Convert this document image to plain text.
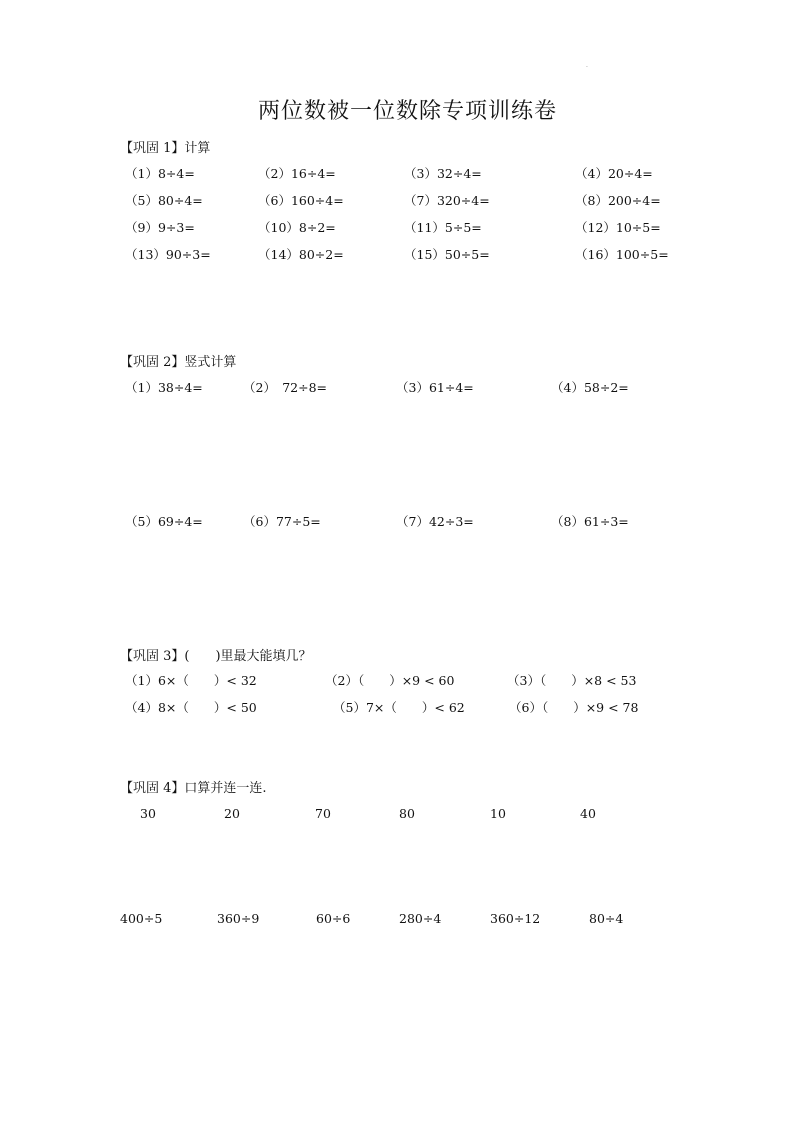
.
两位数被一位数除专项训练卷
【巩固 1】计算
（1）8÷4=	（2）16÷4=	（3）32÷4=	（4）20÷4=
（5）80÷4=	（6）160÷4=	（7）320÷4=	（8）200÷4=
（9）9÷3=	（10）8÷2=	（11）5÷5=	（12）10÷5=
（13）90÷3=	（14）80÷2=	（15）50÷5=	（16）100÷5=
【巩固 2】竖式计算
（1）38÷4=	（2）　72÷8=	（3）61÷4=	（4）58÷2=
（5）69÷4=	（6）77÷5=	（7）42÷3=	（8）61÷3=
【巩固 3】(　　)里最大能填几？
（1）6×（　　）< 32	（2）（　　）×9 < 60	（3）（　　）×8 < 53
（4）8×（　　）< 50	（5）7×（　　）< 62	（6）（　　）×9 < 78
【巩固 4】口算并连一连.
30	20	70	80	10	40
400÷5	360÷9	60÷6	280÷4	360÷12	80÷4
